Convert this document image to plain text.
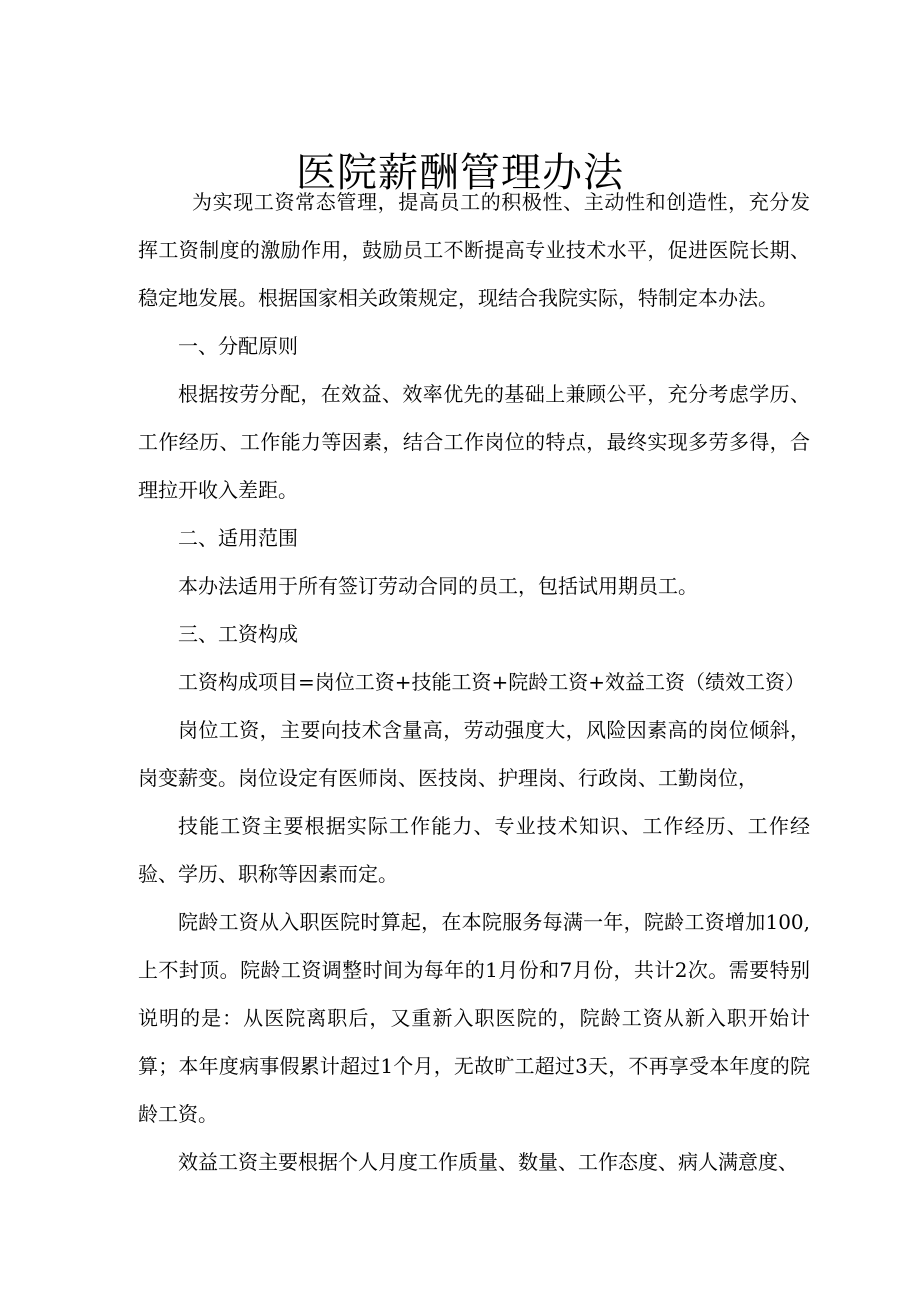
医院薪酬管理办法

为实现工资常态管理，提高员工的积极性、主动性和创造性，充分发挥工资制度的激励作用，鼓励员工不断提高专业技术水平，促进医院长期、稳定地发展。根据国家相关政策规定，现结合我院实际，特制定本办法。

一、分配原则

根据按劳分配，在效益、效率优先的基础上兼顾公平，充分考虑学历、工作经历、工作能力等因素，结合工作岗位的特点，最终实现多劳多得，合理拉开收入差距。

二、适用范围

本办法适用于所有签订劳动合同的员工，包括试用期员工。

三、工资构成

工资构成项目=岗位工资+技能工资+院龄工资+效益工资（绩效工资）

岗位工资，主要向技术含量高，劳动强度大，风险因素高的岗位倾斜，岗变薪变。岗位设定有医师岗、医技岗、护理岗、行政岗、工勤岗位，

技能工资主要根据实际工作能力、专业技术知识、工作经历、工作经验、学历、职称等因素而定。

院龄工资从入职医院时算起，在本院服务每满一年，院龄工资增加100,上不封顶。院龄工资调整时间为每年的1月份和7月份，共计2次。需要特别说明的是：从医院离职后，又重新入职医院的，院龄工资从新入职开始计算；本年度病事假累计超过1个月，无故旷工超过3天，不再享受本年度的院龄工资。

效益工资主要根据个人月度工作质量、数量、工作态度、病人满意度、
